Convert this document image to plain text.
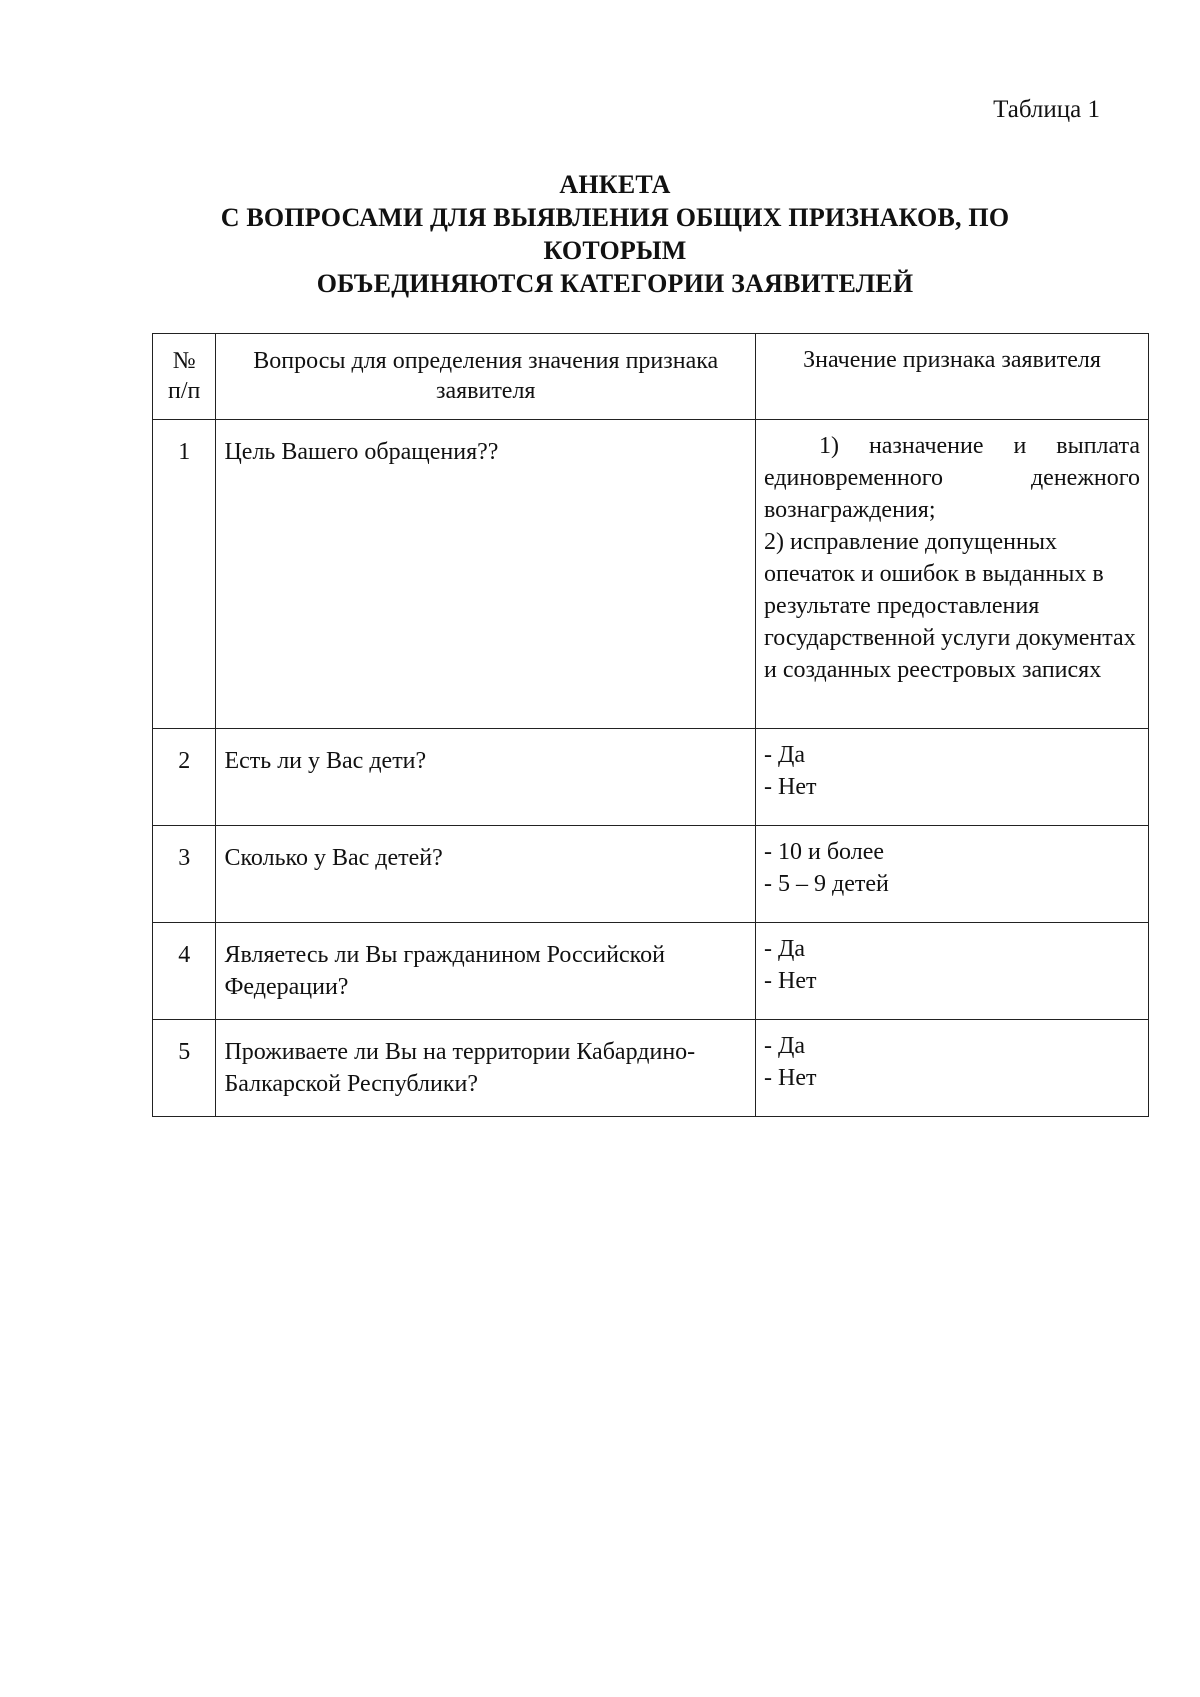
Таблица 1
АНКЕТА
С ВОПРОСАМИ ДЛЯ ВЫЯВЛЕНИЯ ОБЩИХ ПРИЗНАКОВ, ПО
КОТОРЫМ
ОБЪЕДИНЯЮТСЯ КАТЕГОРИИ ЗАЯВИТЕЛЕЙ
№
п/п	Вопросы для определения значения признака заявителя	Значение признака заявителя
1	Цель Вашего обращения??	1) назначение и выплата единовременного денежного
вознаграждения;
2) исправление допущенных опечаток и ошибок в выданных в результате предоставления государственной услуги документах и созданных реестровых записях

2	Есть ли у Вас дети?	- Да
- Нет

3	Сколько у Вас детей?	- 10 и более
- 5 – 9 детей

4	Являетесь ли Вы гражданином Российской Федерации?	- Да
- Нет

5	Проживаете ли Вы на территории Кабардино-Балкарской Республики?	- Да
- Нет
